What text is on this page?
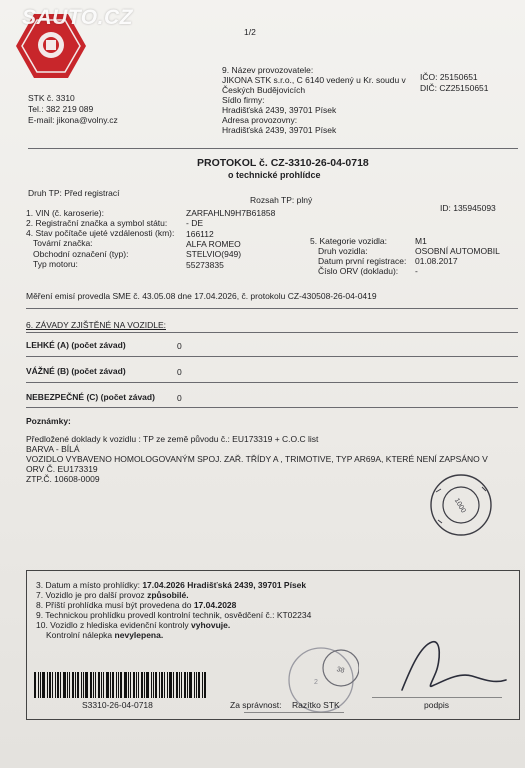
SAUTO.CZ
1/2
STK č. 3310
Tel.: 382 219 089
E-mail: jikona@volny.cz
9. Název provozovatele:
JIKONA STK s.r.o., C 6140 vedený u Kr. soudu v
Českých Budějovicích
Sídlo firmy:
Hradišťská 2439, 39701 Písek
Adresa provozovny:
Hradišťská 2439, 39701 Písek
IČO: 25150651
DIČ: CZ25150651
PROTOKOL č. CZ-3310-26-04-0718
o technické prohlídce
Druh TP: Před registrací
Rozsah TP: plný
ID: 135945093
1. VIN (č. karoserie):	ZARFAHLN9H7B61858
2. Registrační značka a symbol státu: - DE
4. Stav počítače ujeté vzdálenosti (km): 166112
Tovární značka:	ALFA ROMEO
Obchodní označení (typ):	STELVIO(949)
Typ motoru:	55273835
5. Kategorie vozidla:	M1
Druh vozidla:	OSOBNÍ AUTOMOBIL
Datum první registrace: 01.08.2017
Číslo ORV (dokladu): -
Měření emisí provedla SME č. 43.05.08 dne 17.04.2026, č. protokolu CZ-430508-26-04-0419
6. ZÁVADY ZJIŠTĚNÉ NA VOZIDLE:
LEHKÉ (A) (počet závad)	0
VÁŽNÉ (B) (počet závad)	0
NEBEZPEČNÉ (C) (počet závad)	0
Poznámky:
Předložené doklady k vozidlu : TP ze země původu č.: EU173319 + C.O.C list
BARVA - BÍLÁ
VOZIDLO VYBAVENO HOMOLOGOVANÝM SPOJ. ZAŘ. TŘÍDY A , TRIMOTIVE, TYP AR69A, KTERÉ NENÍ ZAPSÁNO V
ORV Č. EU173319
ZTP.Č. 10608-0009
1000
3. Datum a místo prohlídky: 17.04.2026 Hradišťská 2439, 39701 Písek
7. Vozidlo je pro další provoz způsobilé.
8. Příští prohlídka musí být provedena do 17.04.2028
9. Technickou prohlídku provedl kontrolní technik, osvědčení č.: KT02234
10. Vozidlo z hlediska evidenční kontroly vyhovuje.
Kontrolní nálepka nevylepena.
S3310-26-04-0718
38
2
Za správnost: Razítko STK	podpis
